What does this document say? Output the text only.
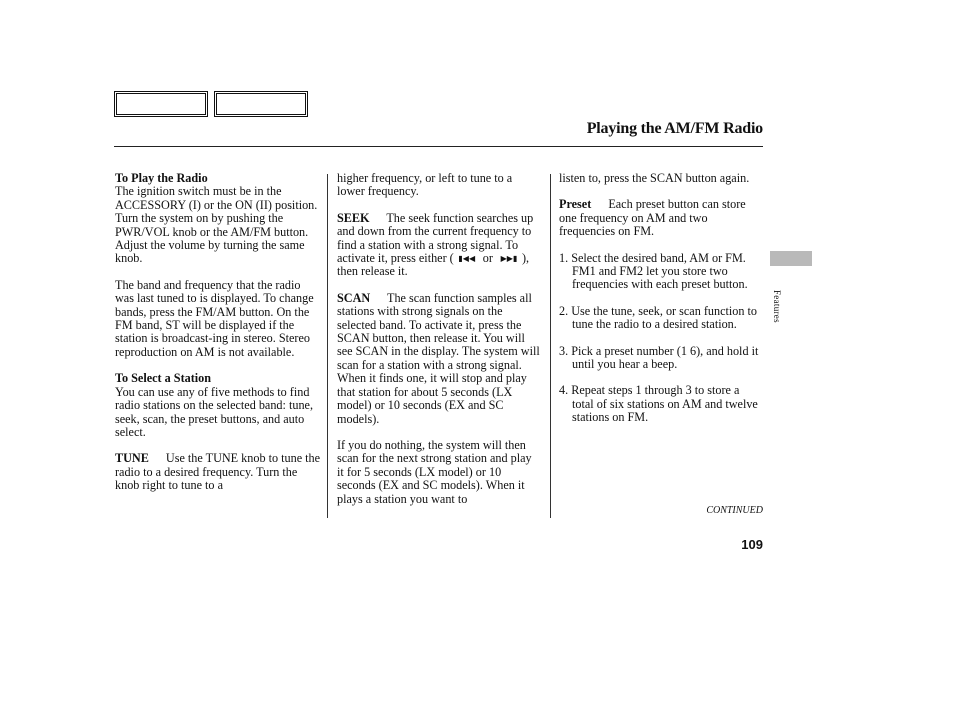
Playing the AM/FM Radio

To Play the Radio
The ignition switch must be in the ACCESSORY (I) or the ON (II) position. Turn the system on by pushing the PWR/VOL knob or the AM/FM button. Adjust the volume by turning the same knob.

The band and frequency that the radio was last tuned to is displayed. To change bands, press the FM/AM button. On the FM band, ST will be displayed if the station is broadcast-ing in stereo. Stereo reproduction on AM is not available.

To Select a Station
You can use any of five methods to find radio stations on the selected band: tune, seek, scan, the preset buttons, and auto select.

TUNE Use the TUNE knob to tune the radio to a desired frequency. Turn the knob right to tune to a

higher frequency, or left to tune to a lower frequency.

SEEK The seek function searches up and down from the current frequency to find a station with a strong signal. To activate it, press either ( ▮◀◀ or ▶▶▮ ), then release it.

SCAN The scan function samples all stations with strong signals on the selected band. To activate it, press the SCAN button, then release it. You will see SCAN in the display. The system will scan for a station with a strong signal. When it finds one, it will stop and play that station for about 5 seconds (LX model) or 10 seconds (EX and SC models).

If you do nothing, the system will then scan for the next strong station and play it for 5 seconds (LX model) or 10 seconds (EX and SC models). When it plays a station you want to

listen to, press the SCAN button again.

Preset Each preset button can store one frequency on AM and two frequencies on FM.

1. Select the desired band, AM or FM. FM1 and FM2 let you store two frequencies with each preset button.
2. Use the tune, seek, or scan function to tune the radio to a desired station.
3. Pick a preset number (1 6), and hold it until you hear a beep.
4. Repeat steps 1 through 3 to store a total of six stations on AM and twelve stations on FM.
Features
CONTINUED
109
